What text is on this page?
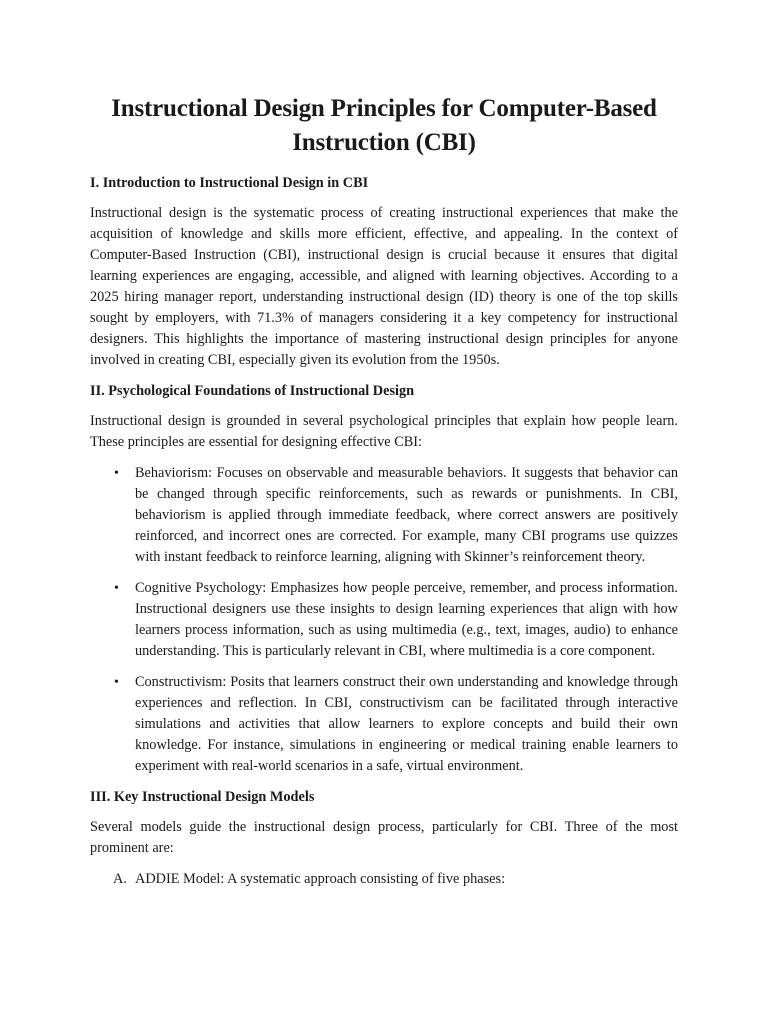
Instructional Design Principles for Computer-Based Instruction (CBI)
I. Introduction to Instructional Design in CBI

Instructional design is the systematic process of creating instructional experiences that make the acquisition of knowledge and skills more efficient, effective, and appealing. In the context of Computer-Based Instruction (CBI), instructional design is crucial because it ensures that digital learning experiences are engaging, accessible, and aligned with learning objectives. According to a 2025 hiring manager report, understanding instructional design (ID) theory is one of the top skills sought by employers, with 71.3% of managers considering it a key competency for instructional designers. This highlights the importance of mastering instructional design principles for anyone involved in creating CBI, especially given its evolution from the 1950s.

II. Psychological Foundations of Instructional Design

Instructional design is grounded in several psychological principles that explain how people learn. These principles are essential for designing effective CBI:

• Behaviorism: Focuses on observable and measurable behaviors. It suggests that behavior can be changed through specific reinforcements, such as rewards or punishments. In CBI, behaviorism is applied through immediate feedback, where correct answers are positively reinforced, and incorrect ones are corrected. For example, many CBI programs use quizzes with instant feedback to reinforce learning, aligning with Skinner’s reinforcement theory.
• Cognitive Psychology: Emphasizes how people perceive, remember, and process information. Instructional designers use these insights to design learning experiences that align with how learners process information, such as using multimedia (e.g., text, images, audio) to enhance understanding. This is particularly relevant in CBI, where multimedia is a core component.
• Constructivism: Posits that learners construct their own understanding and knowledge through experiences and reflection. In CBI, constructivism can be facilitated through interactive simulations and activities that allow learners to explore concepts and build their own knowledge. For instance, simulations in engineering or medical training enable learners to experiment with real-world scenarios in a safe, virtual environment.
III. Key Instructional Design Models

Several models guide the instructional design process, particularly for CBI. Three of the most prominent are:

A. ADDIE Model: A systematic approach consisting of five phases:
